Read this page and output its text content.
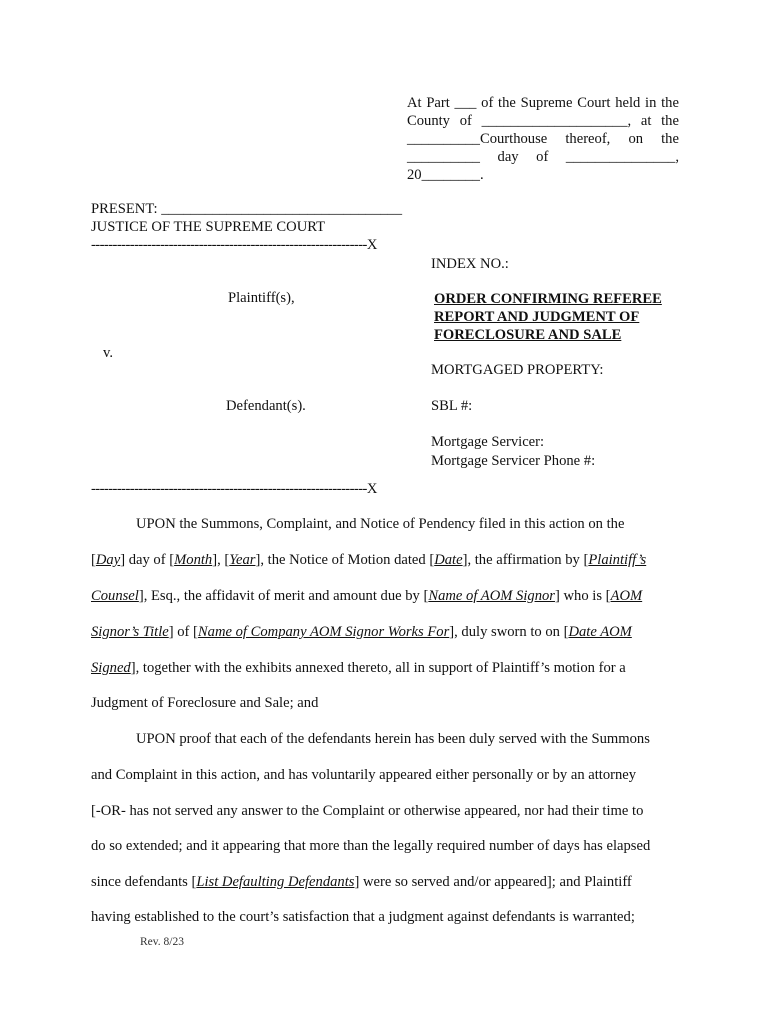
At Part ___ of the Supreme Court held in the
County of ____________________, at the
__________Courthouse thereof, on the
__________ day of _______________,
20________.
PRESENT: _________________________________
JUSTICE OF THE SUPREME COURT
----------------------------------------------------------------X
Plaintiff(s),
v.
Defendant(s).
INDEX NO.:
ORDER CONFIRMING REFEREE
REPORT AND JUDGMENT OF
FORECLOSURE AND SALE
MORTGAGED PROPERTY:
SBL #:
Mortgage Servicer:
Mortgage Servicer Phone #:
----------------------------------------------------------------X
UPON the Summons, Complaint, and Notice of Pendency filed in this action on the
[Day] day of [Month], [Year], the Notice of Motion dated [Date], the affirmation by [Plaintiff’s
Counsel], Esq., the affidavit of merit and amount due by [Name of AOM Signor] who is [AOM
Signor’s Title] of [Name of Company AOM Signor Works For], duly sworn to on [Date AOM
Signed], together with the exhibits annexed thereto, all in support of Plaintiff’s motion for a
Judgment of Foreclosure and Sale; and
UPON proof that each of the defendants herein has been duly served with the Summons
and Complaint in this action, and has voluntarily appeared either personally or by an attorney
[-OR- has not served any answer to the Complaint or otherwise appeared, nor had their time to
do so extended; and it appearing that more than the legally required number of days has elapsed
since defendants [List Defaulting Defendants] were so served and/or appeared]; and Plaintiff
having established to the court’s satisfaction that a judgment against defendants is warranted;
Rev. 8/23
